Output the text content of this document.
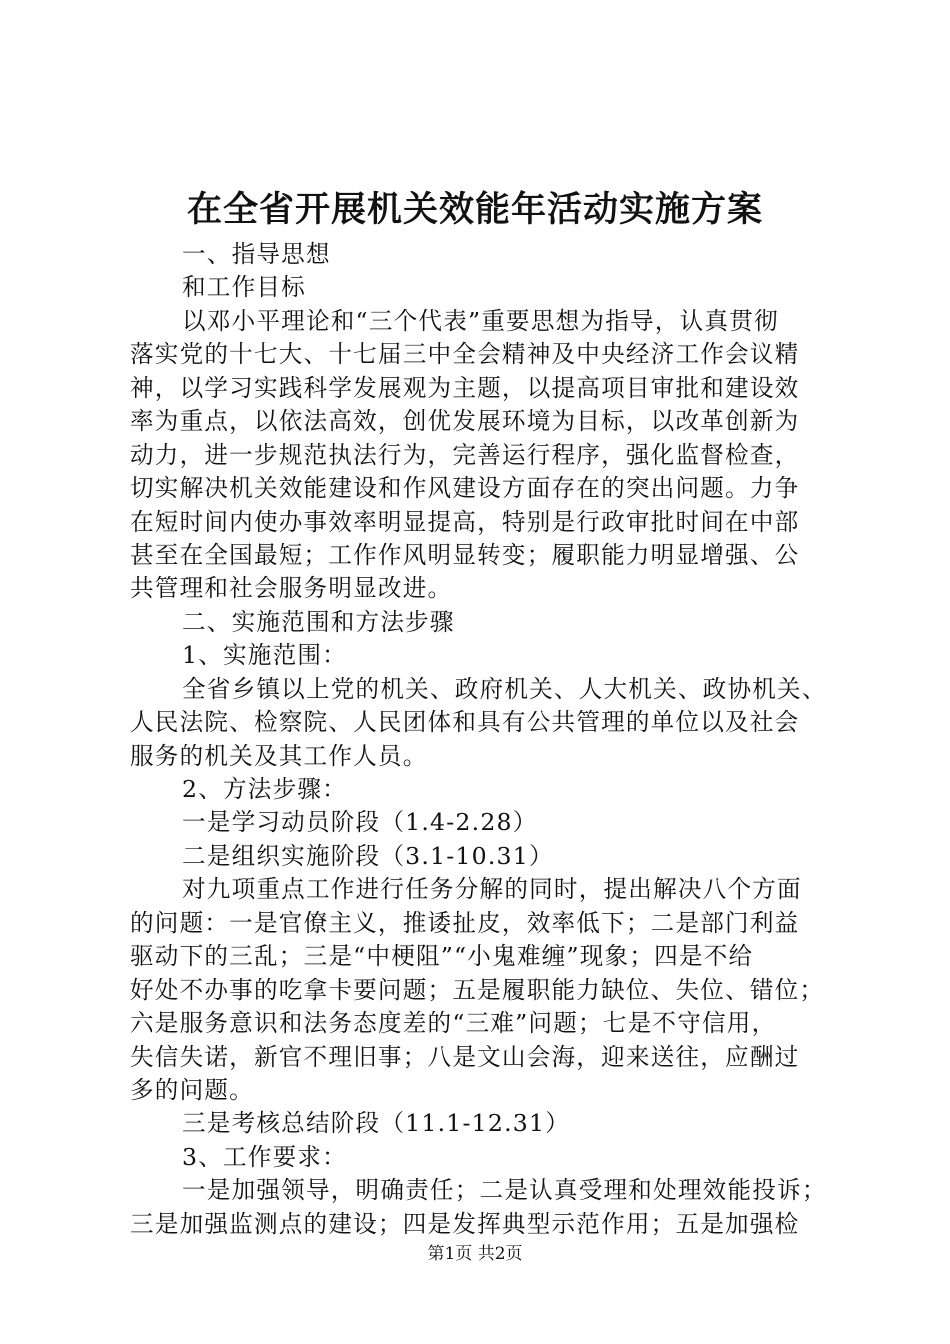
在全省开展机关效能年活动实施方案
一、指导思想
和工作目标
以邓小平理论和“三个代表”重要思想为指导，认真贯彻
落实党的十七大、十七届三中全会精神及中央经济工作会议精
神，以学习实践科学发展观为主题，以提高项目审批和建设效
率为重点，以依法高效，创优发展环境为目标，以改革创新为
动力，进一步规范执法行为，完善运行程序，强化监督检查，
切实解决机关效能建设和作风建设方面存在的突出问题。力争
在短时间内使办事效率明显提高，特别是行政审批时间在中部
甚至在全国最短；工作作风明显转变；履职能力明显增强、公
共管理和社会服务明显改进。
二、实施范围和方法步骤
1、实施范围：
全省乡镇以上党的机关、政府机关、人大机关、政协机关、
人民法院、检察院、人民团体和具有公共管理的单位以及社会
服务的机关及其工作人员。
2、方法步骤：
一是学习动员阶段（1.4-2.28）
二是组织实施阶段（3.1-10.31）
对九项重点工作进行任务分解的同时，提出解决八个方面
的问题：一是官僚主义，推诿扯皮，效率低下；二是部门利益
驱动下的三乱；三是“中梗阻”“小鬼难缠”现象；四是不给
好处不办事的吃拿卡要问题；五是履职能力缺位、失位、错位；
六是服务意识和法务态度差的“三难”问题；七是不守信用，
失信失诺，新官不理旧事；八是文山会海，迎来送往，应酬过
多的问题。
三是考核总结阶段（11.1-12.31）
3、工作要求：
一是加强领导，明确责任；二是认真受理和处理效能投诉；
三是加强监测点的建设；四是发挥典型示范作用；五是加强检
第1页 共2页
